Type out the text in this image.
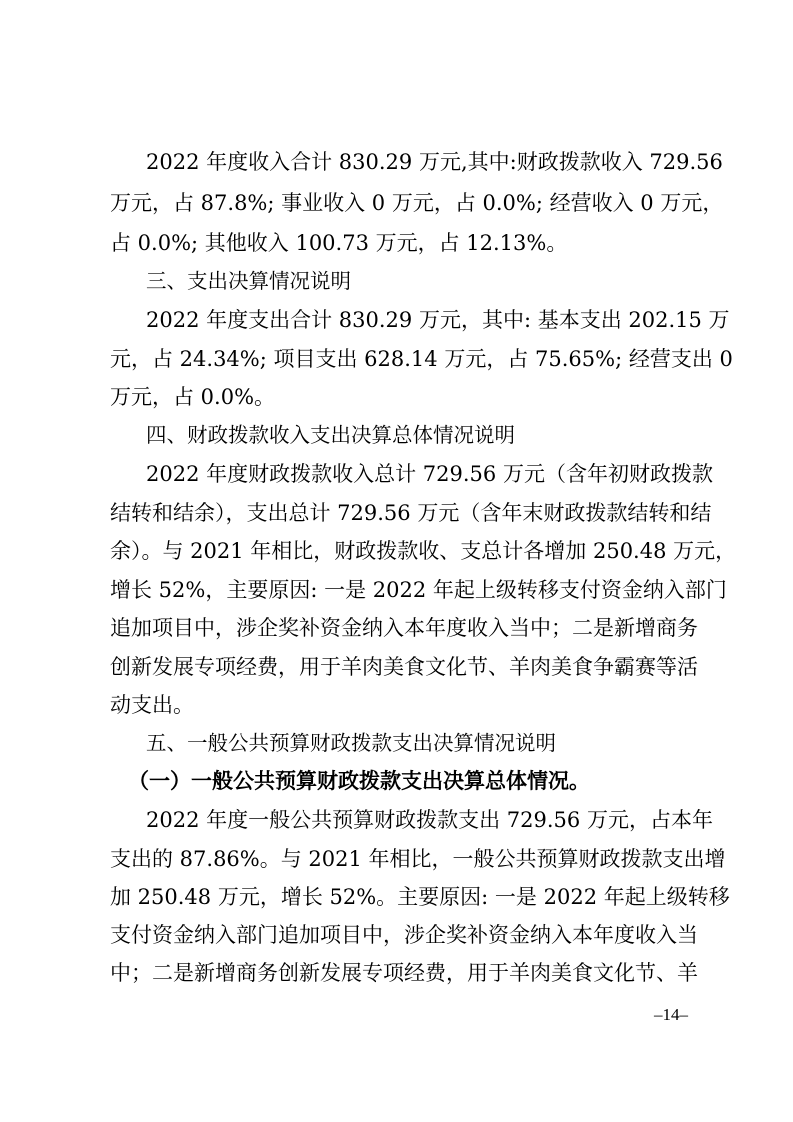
2022 年度收入合计 830.29 万元,其中:财政拨款收入 729.56
万元，占 87.8%; 事业收入 0 万元，占 0.0%; 经营收入 0 万元，
占 0.0%; 其他收入 100.73 万元，占 12.13%。
三、支出决算情况说明
2022 年度支出合计 830.29 万元，其中: 基本支出 202.15 万
元，占 24.34%; 项目支出 628.14 万元，占 75.65%; 经营支出 0
万元，占 0.0%。
四、财政拨款收入支出决算总体情况说明
2022 年度财政拨款收入总计 729.56 万元（含年初财政拨款
结转和结余），支出总计 729.56 万元（含年末财政拨款结转和结
余）。与 2021 年相比，财政拨款收、支总计各增加 250.48 万元，
增长 52%，主要原因: 一是 2022 年起上级转移支付资金纳入部门
追加项目中，涉企奖补资金纳入本年度收入当中；二是新增商务
创新发展专项经费，用于羊肉美食文化节、羊肉美食争霸赛等活
动支出。
五、一般公共预算财政拨款支出决算情况说明
（一）一般公共预算财政拨款支出决算总体情况。
2022 年度一般公共预算财政拨款支出 729.56 万元，占本年
支出的 87.86%。与 2021 年相比，一般公共预算财政拨款支出增
加 250.48 万元，增长 52%。主要原因: 一是 2022 年起上级转移
支付资金纳入部门追加项目中，涉企奖补资金纳入本年度收入当
中；二是新增商务创新发展专项经费，用于羊肉美食文化节、羊
–14–
